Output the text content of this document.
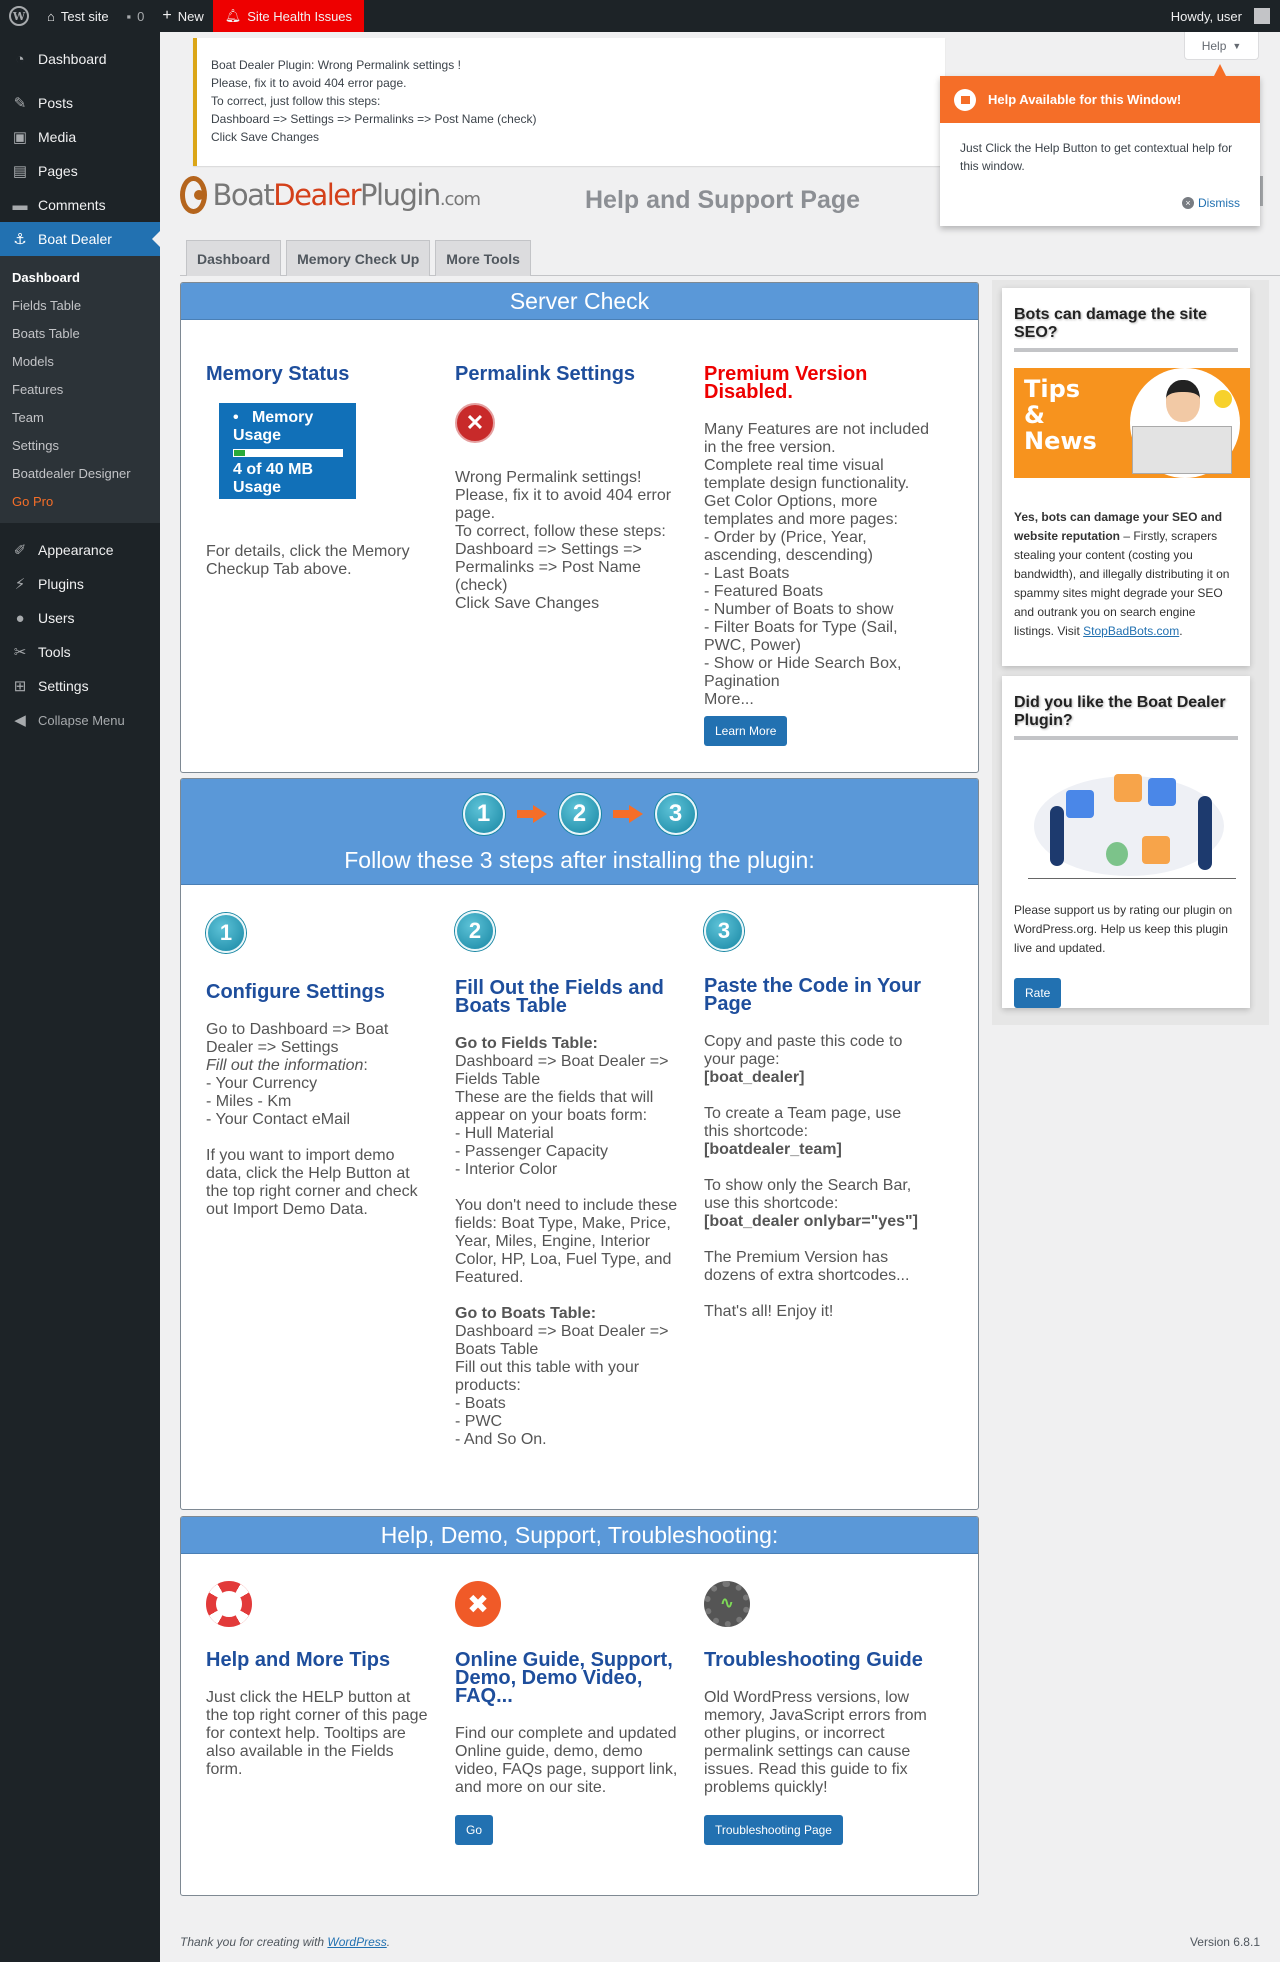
W ⌂ Test site ▪ 0 + New 🔔︎ Site Health Issues	Howdy, user
◔ Dashboard
✎ Posts
▣ Media
▤ Pages
▬ Comments
⚓︎ Boat Dealer
Dashboard
Fields Table
Boats Table
Models
Features
Team
Settings
Boatdealer Designer
Go Pro
✐ Appearance
⚡︎ Plugins
● Users
✂ Tools
⊞ Settings
◀ Collapse Menu
Boat Dealer Plugin: Wrong Permalink settings !
Please, fix it to avoid 404 error page.
To correct, just follow this steps:
Dashboard => Settings => Permalinks => Post Name (check)
Click Save Changes
BoatDealerPlugin.com	Help and Support Page
Help Available for this Window!
Just Click the Help Button to get contextual help for this window.
× Dismiss
Help ▼
Dashboard	Memory Check Up	More Tools
Server Check
Memory Status
•   Memory Usage
4 of 40 MB Usage
For details, click the Memory Checkup Tab above.
Permalink Settings
✕
Wrong Permalink settings!
Please, fix it to avoid 404 error page.
To correct, follow these steps:
Dashboard => Settings => Permalinks => Post Name (check)
Click Save Changes
Premium Version Disabled.
Many Features are not included in the free version.
Complete real time visual template design functionality.
Get Color Options, more templates and more pages:
- Order by (Price, Year, ascending, descending)
- Last Boats
- Featured Boats
- Number of Boats to show
- Filter Boats for Type (Sail, PWC, Power)
- Show or Hide Search Box, Pagination
More...
Learn More
1	2	3
Follow these 3 steps after installing the plugin:
1
Configure Settings
Go to Dashboard => Boat Dealer => Settings
Fill out the information:
- Your Currency
- Miles - Km
- Your Contact eMail
If you want to import demo data, click the Help Button at the top right corner and check out Import Demo Data.
2
Fill Out the Fields and Boats Table
Go to Fields Table:
Dashboard => Boat Dealer => Fields Table
These are the fields that will appear on your boats form:
- Hull Material
- Passenger Capacity
- Interior Color
You don't need to include these fields: Boat Type, Make, Price, Year, Miles, Engine, Interior Color, HP, Loa, Fuel Type, and Featured.
Go to Boats Table:
Dashboard => Boat Dealer => Boats Table
Fill out this table with your products:
- Boats
- PWC
- And So On.
3
Paste the Code in Your Page
Copy and paste this code to your page:
[boat_dealer]
To create a Team page, use this shortcode:
[boatdealer_team]
To show only the Search Bar, use this shortcode:
[boat_dealer onlybar="yes"]
The Premium Version has dozens of extra shortcodes...
That's all! Enjoy it!
Help, Demo, Support, Troubleshooting:
Help and More Tips
Just click the HELP button at the top right corner of this page for context help. Tooltips are also available in the Fields form.
✖
Online Guide, Support, Demo, Demo Video, FAQ...
Find our complete and updated Online guide, demo, demo video, FAQs page, support link, and more on our site.
Go
∿
Troubleshooting Guide
Old WordPress versions, low memory, JavaScript errors from other plugins, or incorrect permalink settings can cause issues. Read this guide to fix problems quickly!
Troubleshooting Page
Bots can damage the site SEO?
Tips
&
News
Yes, bots can damage your SEO and website reputation – Firstly, scrapers stealing your content (costing you bandwidth), and illegally distributing it on spammy sites might degrade your SEO and outrank you on search engine listings. Visit StopBadBots.com.
Did you like the Boat Dealer Plugin?
Please support us by rating our plugin on WordPress.org. Help us keep this plugin live and updated.
Rate
Thank you for creating with WordPress.	Version 6.8.1
